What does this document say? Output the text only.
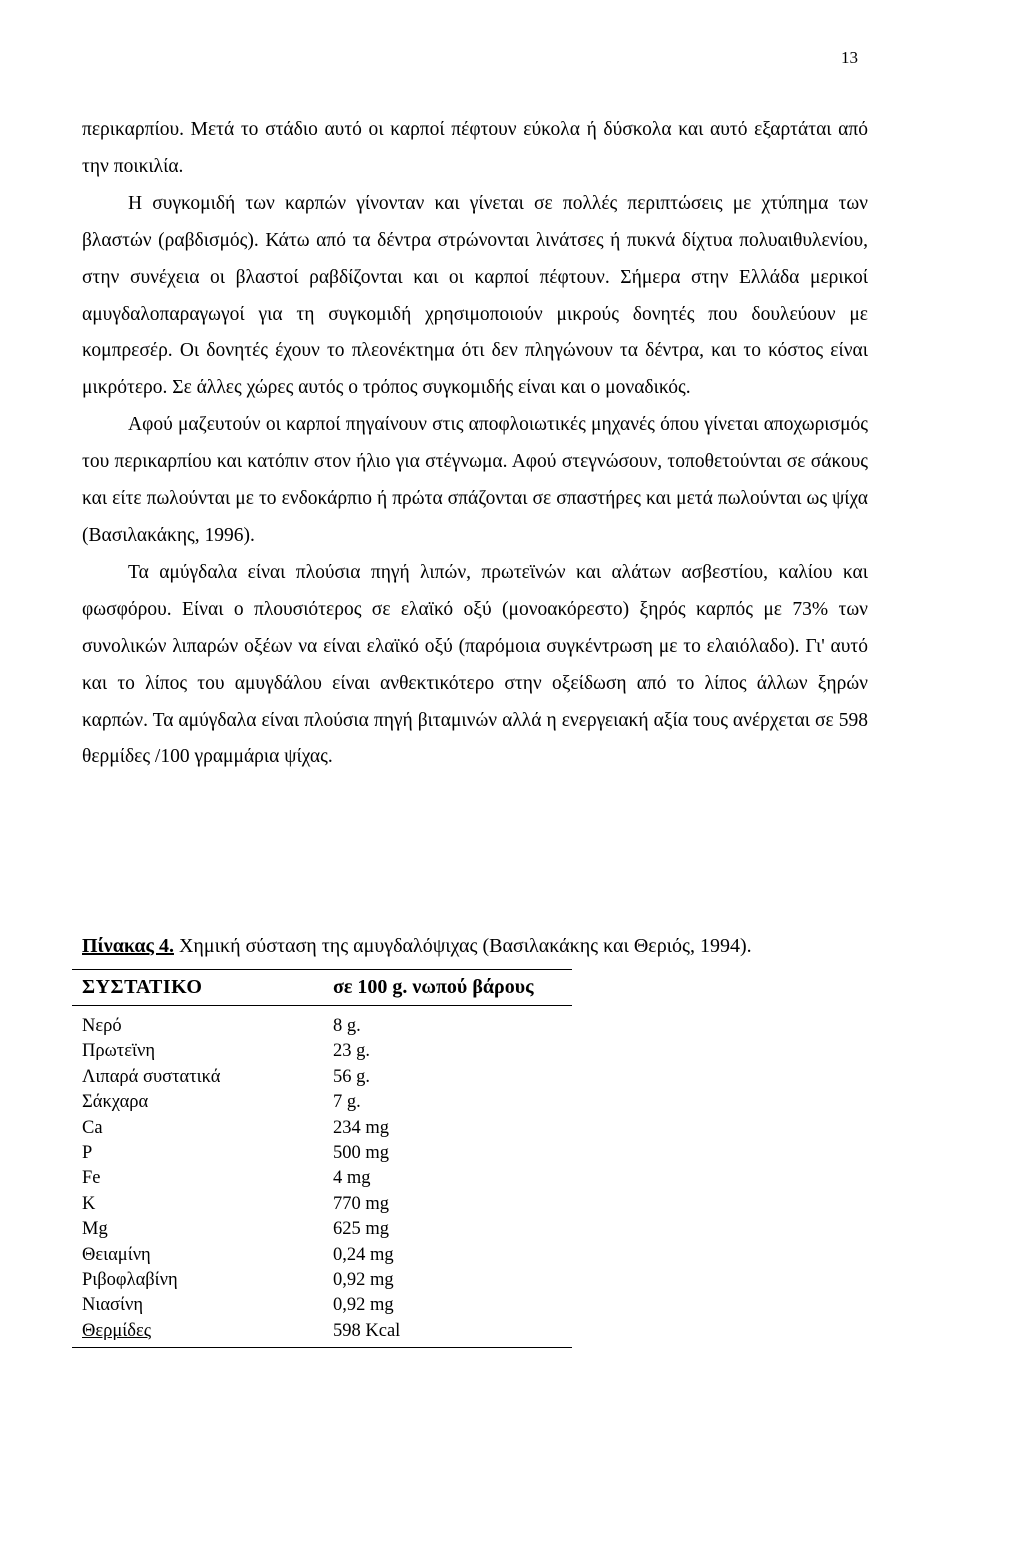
13

περικαρπίου. Μετά το στάδιο αυτό οι καρποί πέφτουν εύκολα ή δύσκολα και αυτό εξαρτάται από την ποικιλία.

Η συγκομιδή των καρπών γίνονταν και γίνεται σε πολλές περιπτώσεις με χτύπημα των βλαστών (ραβδισμός). Κάτω από τα δέντρα στρώνονται λινάτσες ή πυκνά δίχτυα πολυαιθυλενίου, στην συνέχεια οι βλαστοί ραβδίζονται και οι καρποί πέφτουν. Σήμερα στην Ελλάδα μερικοί αμυγδαλοπαραγωγοί για τη συγκομιδή χρησιμοποιούν μικρούς δονητές που δουλεύουν με κομπρεσέρ. Οι δονητές έχουν το πλεονέκτημα ότι δεν πληγώνουν τα δέντρα, και το κόστος είναι μικρότερο. Σε άλλες χώρες αυτός ο τρόπος συγκομιδής είναι και ο μοναδικός.

Αφού μαζευτούν οι καρποί πηγαίνουν στις αποφλοιωτικές μηχανές όπου γίνεται αποχωρισμός του περικαρπίου και κατόπιν στον ήλιο για στέγνωμα. Αφού στεγνώσουν, τοποθετούνται σε σάκους και είτε πωλούνται με το ενδοκάρπιο ή πρώτα σπάζονται σε σπαστήρες και μετά πωλούνται ως ψίχα (Βασιλακάκης, 1996).

Τα αμύγδαλα είναι πλούσια πηγή λιπών, πρωτεϊνών και αλάτων ασβεστίου, καλίου και φωσφόρου. Είναι ο πλουσιότερος σε ελαϊκό οξύ (μονοακόρεστο) ξηρός καρπός με 73% των συνολικών λιπαρών οξέων να είναι ελαϊκό οξύ (παρόμοια συγκέντρωση με το ελαιόλαδο). Γι' αυτό και το λίπος του αμυγδάλου είναι ανθεκτικότερο στην οξείδωση από το λίπος άλλων ξηρών καρπών. Τα αμύγδαλα είναι πλούσια πηγή βιταμινών αλλά η ενεργειακή αξία τους ανέρχεται σε 598 θερμίδες /100 γραμμάρια ψίχας.

Πίνακας 4. Χημική σύσταση της αμυγδαλόψιχας (Βασιλακάκης και Θεριός, 1994).
ΣΥΣΤΑΤΙΚΟ	σε 100 g. νωπού βάρους
Νερό	8 g.
Πρωτεϊνη	23 g.
Λιπαρά συστατικά	56 g.
Σάκχαρα	7 g.
Ca	234 mg
P	500 mg
Fe	4 mg
K	770 mg
Mg	625 mg
Θειαμίνη	0,24 mg
Ριβοφλαβίνη	0,92 mg
Νιασίνη	0,92 mg
Θερμίδες	598 Kcal
